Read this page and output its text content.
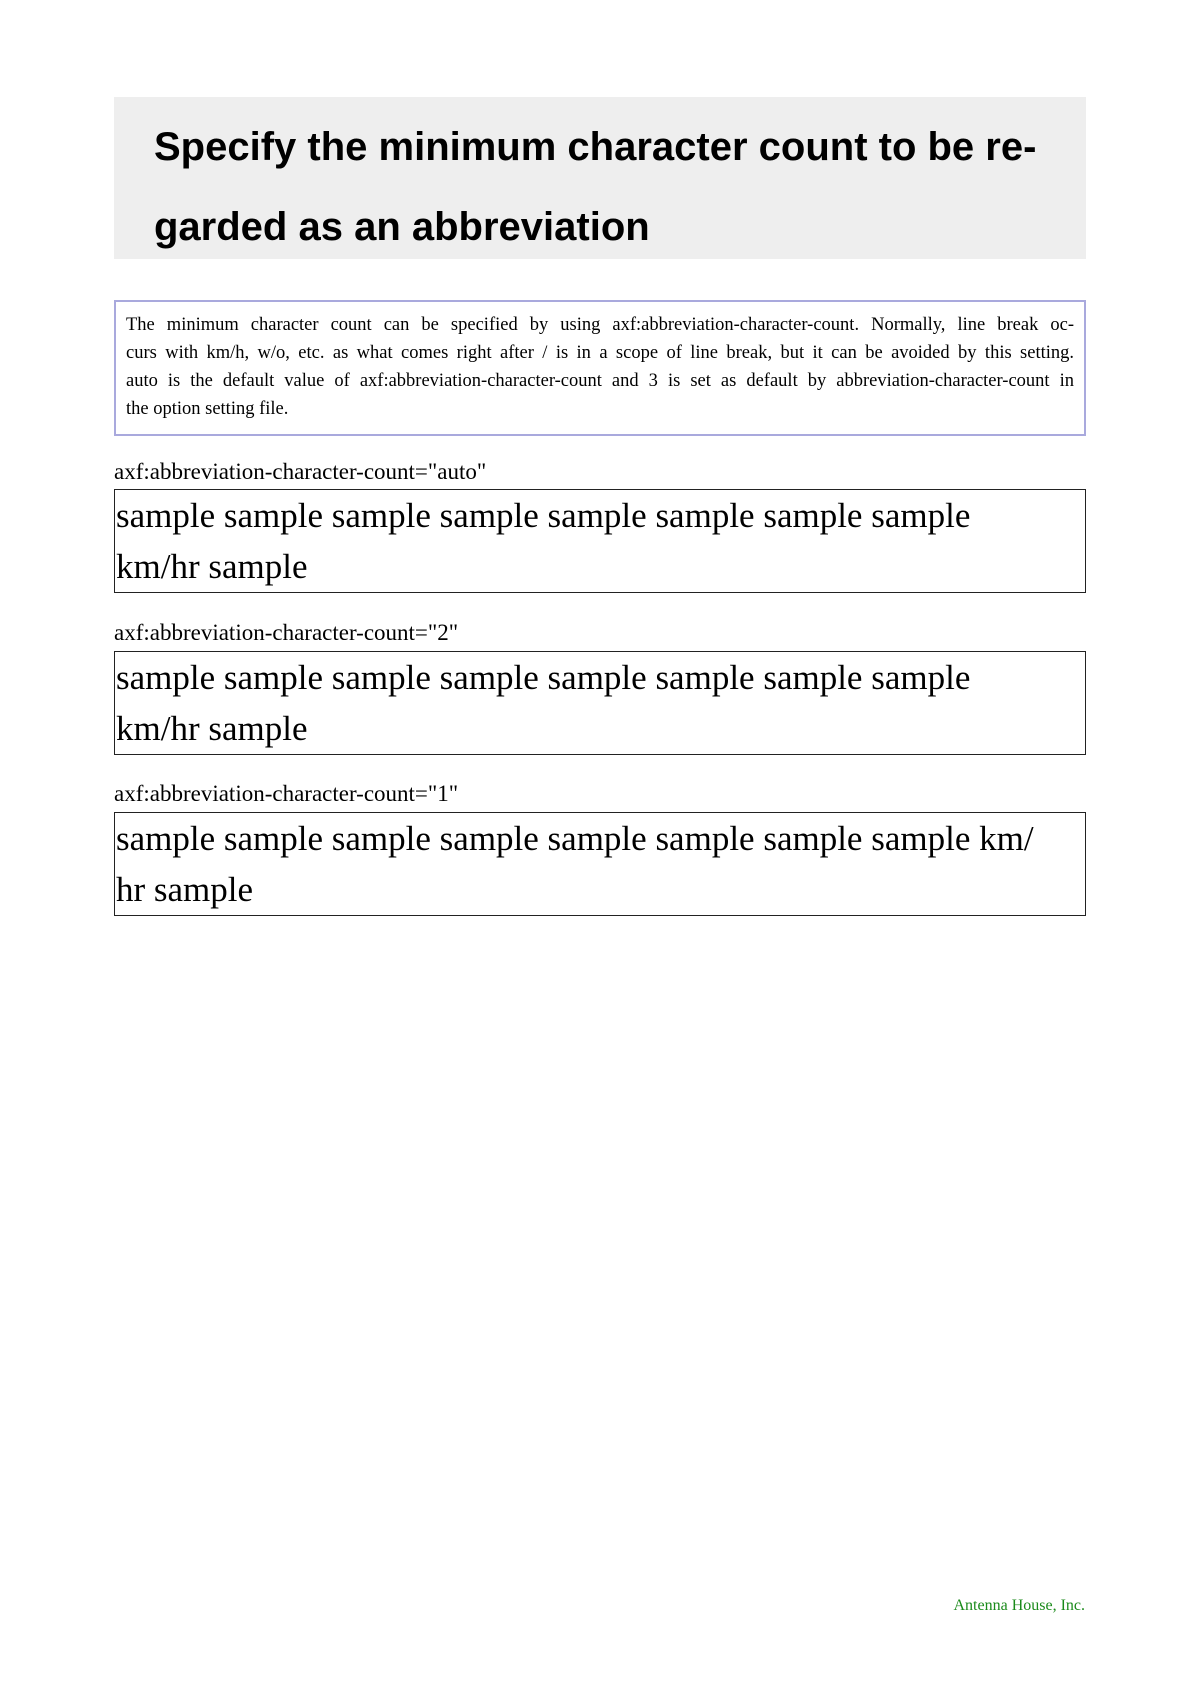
Specify the minimum character count to be re-
garded as an abbreviation
The minimum character count can be specified by using axf:abbreviation-character-count. Normally, line break oc-
curs with km/h, w/o, etc. as what comes right after / is in a scope of line break, but it can be avoided by this setting.
auto is the default value of axf:abbreviation-character-count and 3 is set as default by abbreviation-character-count in
the option setting file.
axf:abbreviation-character-count="auto"
sample sample sample sample sample sample sample sample
km/hr sample
axf:abbreviation-character-count="2"
sample sample sample sample sample sample sample sample
km/hr sample
axf:abbreviation-character-count="1"
sample sample sample sample sample sample sample sample km/
hr sample
Antenna House, Inc.
